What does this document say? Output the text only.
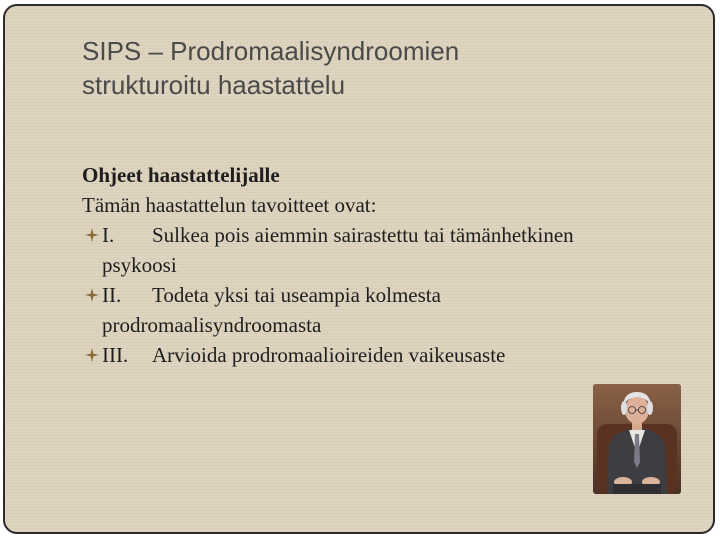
SIPS – Prodromaalisyndroomien
strukturoitu haastattelu
Ohjeet haastattelijalle
Tämän haastattelun tavoitteet ovat:
I. Sulkea pois aiemmin sairastettu tai tämänhetkinen
psykoosi
II. Todeta yksi tai useampia kolmesta
prodromaalisyndroomasta
III. Arvioida prodromaalioireiden vaikeusaste
